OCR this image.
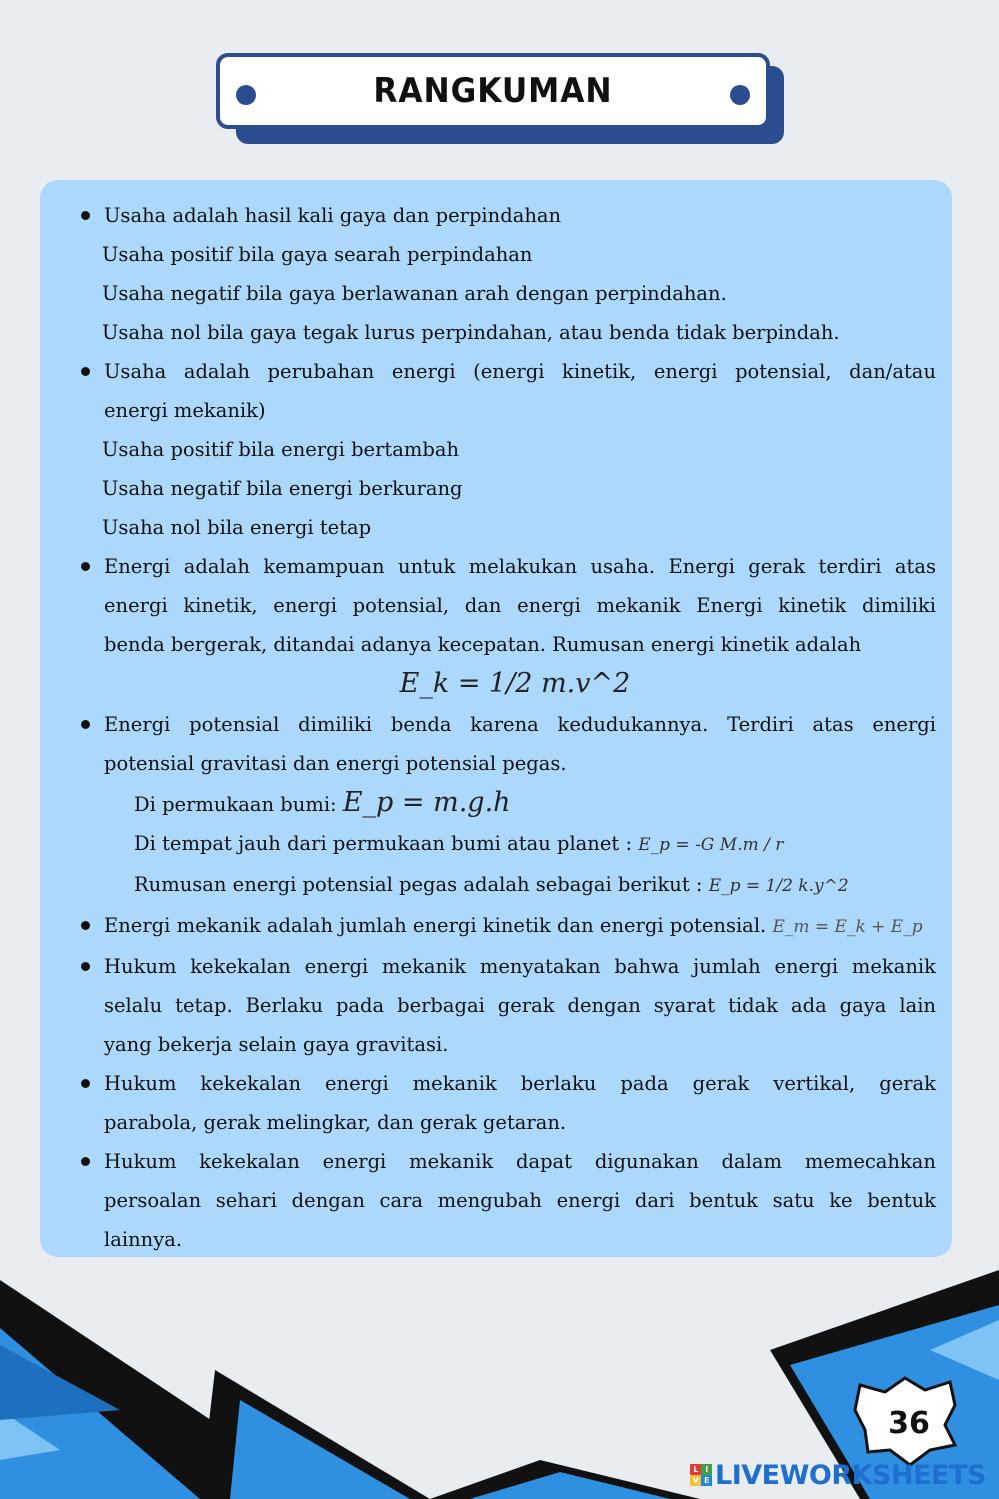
RANGKUMAN
Usaha adalah hasil kali gaya dan perpindahan
Usaha positif bila gaya searah perpindahan
Usaha negatif bila gaya berlawanan arah dengan perpindahan.
Usaha nol bila gaya tegak lurus perpindahan, atau benda tidak berpindah.
Usaha adalah perubahan energi (energi kinetik, energi potensial, dan/atau
energi mekanik)
Usaha positif bila energi bertambah
Usaha negatif bila energi berkurang
Usaha nol bila energi tetap
Energi adalah kemampuan untuk melakukan usaha. Energi gerak terdiri atas
energi kinetik, energi potensial, dan energi mekanik Energi kinetik dimiliki
benda bergerak, ditandai adanya kecepatan. Rumusan energi kinetik adalah
E_k = 1/2 m.v^2
Energi potensial dimiliki benda karena kedudukannya. Terdiri atas energi
potensial gravitasi dan energi potensial pegas.
Di permukaan bumi: E_p = m.g.h
Di tempat jauh dari permukaan bumi atau planet : E_p = -G M.m / r
Rumusan energi potensial pegas adalah sebagai berikut : E_p = 1/2 k.y^2
Energi mekanik adalah jumlah energi kinetik dan energi potensial. E_m = E_k + E_p
Hukum kekekalan energi mekanik menyatakan bahwa jumlah energi mekanik
selalu tetap. Berlaku pada berbagai gerak dengan syarat tidak ada gaya lain
yang bekerja selain gaya gravitasi.
Hukum kekekalan energi mekanik berlaku pada gerak vertikal, gerak
parabola, gerak melingkar, dan gerak getaran.
Hukum kekekalan energi mekanik dapat digunakan dalam memecahkan
persoalan sehari dengan cara mengubah energi dari bentuk satu ke bentuk
lainnya.
36
L I
V E LIVEWORKSHEETS
